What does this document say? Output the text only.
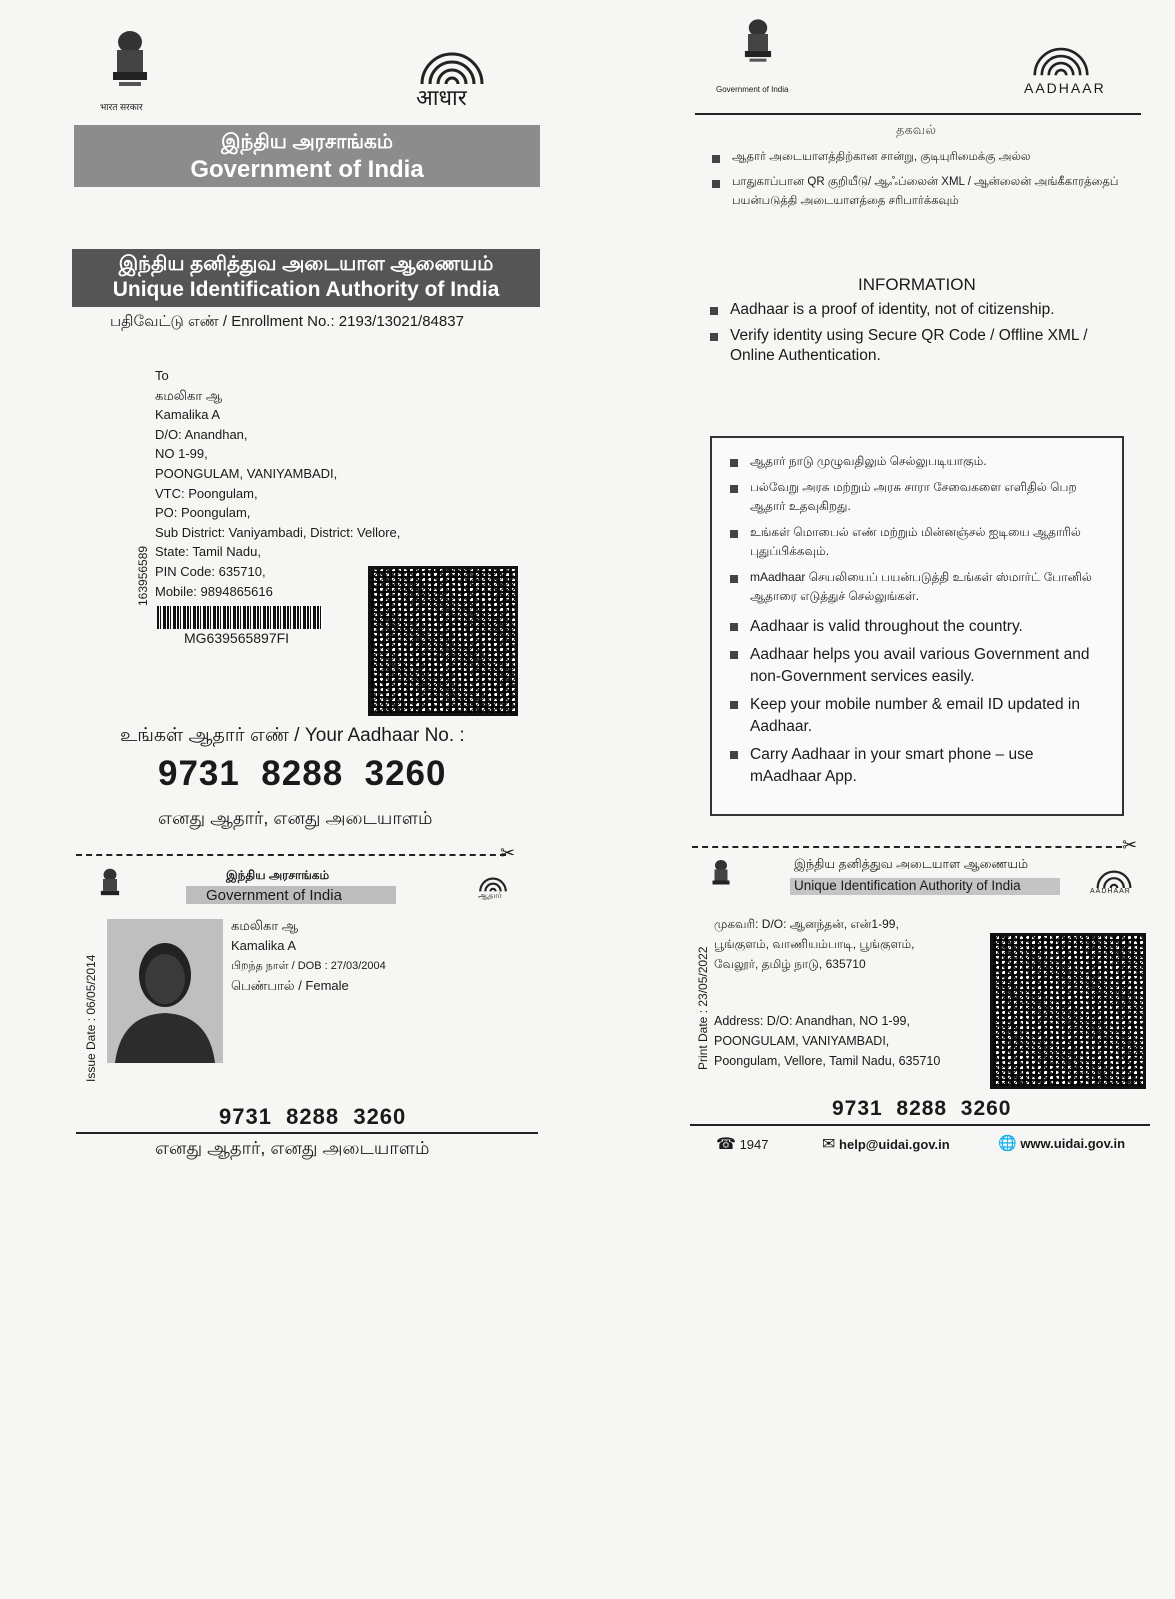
भारत सरकार	आधार
இந்திய அரசாங்கம்
Government of India
இந்திய தனித்துவ அடையாள ஆணையம்
Unique Identification Authority of India
பதிவேட்டு எண் / Enrollment No.: 2193/13021/84837
To
கமலிகா ஆ
Kamalika A
D/O: Anandhan,
NO 1-99,
POONGULAM, VANIYAMBADI,
VTC: Poongulam,
PO: Poongulam,
Sub District: Vaniyambadi, District: Vellore,
State: Tamil Nadu,
PIN Code: 635710,
Mobile: 9894865616
163956589
MG639565897FI
உங்கள் ஆதார் எண் / Your Aadhaar No. :
9731  8288  3260
எனது ஆதார், எனது அடையாளம்
✂
இந்திய அரசாங்கம்
Government of India	ஆதார்
Issue Date : 06/05/2014
கமலிகா ஆ
Kamalika A
பிறந்த நாள் / DOB : 27/03/2004
பெண்பால் / Female
9731  8288  3260
எனது ஆதார், எனது அடையாளம்
Government of India	AADHAAR
தகவல்
ஆதார் அடையாளத்திற்கான சான்று, குடியுரிமைக்கு அல்ல
பாதுகாப்பான QR குறியீடு/ ஆஃப்லைன் XML / ஆன்லைன் அங்கீகாரத்தைப் பயன்படுத்தி அடையாளத்தை சரிபார்க்கவும்
INFORMATION
Aadhaar is a proof of identity, not of citizenship.
Verify identity using Secure QR Code / Offline XML / Online Authentication.
ஆதார் நாடு முழுவதிலும் செல்லுபடியாகும்.
பல்வேறு அரசு மற்றும் அரசு சாரா சேவைகளை எளிதில் பெற ஆதார் உதவுகிறது.
உங்கள் மொபைல் எண் மற்றும் மின்னஞ்சல் ஐடியை ஆதாரில் புதுப்பிக்கவும்.
mAadhaar செயலியைப் பயன்படுத்தி உங்கள் ஸ்மார்ட் போனில் ஆதாரை எடுத்துச் செல்லுங்கள்.
Aadhaar is valid throughout the country.
Aadhaar helps you avail various Government and non-Government services easily.
Keep your mobile number & email ID updated in Aadhaar.
Carry Aadhaar in your smart phone – use mAadhaar App.
✂
இந்திய தனித்துவ அடையாள ஆணையம்
Unique Identification Authority of India	AADHAAR
Print Date : 23/05/2022
முகவரி: D/O: ஆனந்தன், என்1-99,
பூங்குளம், வாணியம்பாடி, பூங்குளம்,
வேலூர், தமிழ் நாடு, 635710
Address: D/O: Anandhan, NO 1-99,
POONGULAM, VANIYAMBADI,
Poongulam, Vellore, Tamil Nadu, 635710
9731  8288  3260
☎ 1947	✉ help@uidai.gov.in	🌐 www.uidai.gov.in
